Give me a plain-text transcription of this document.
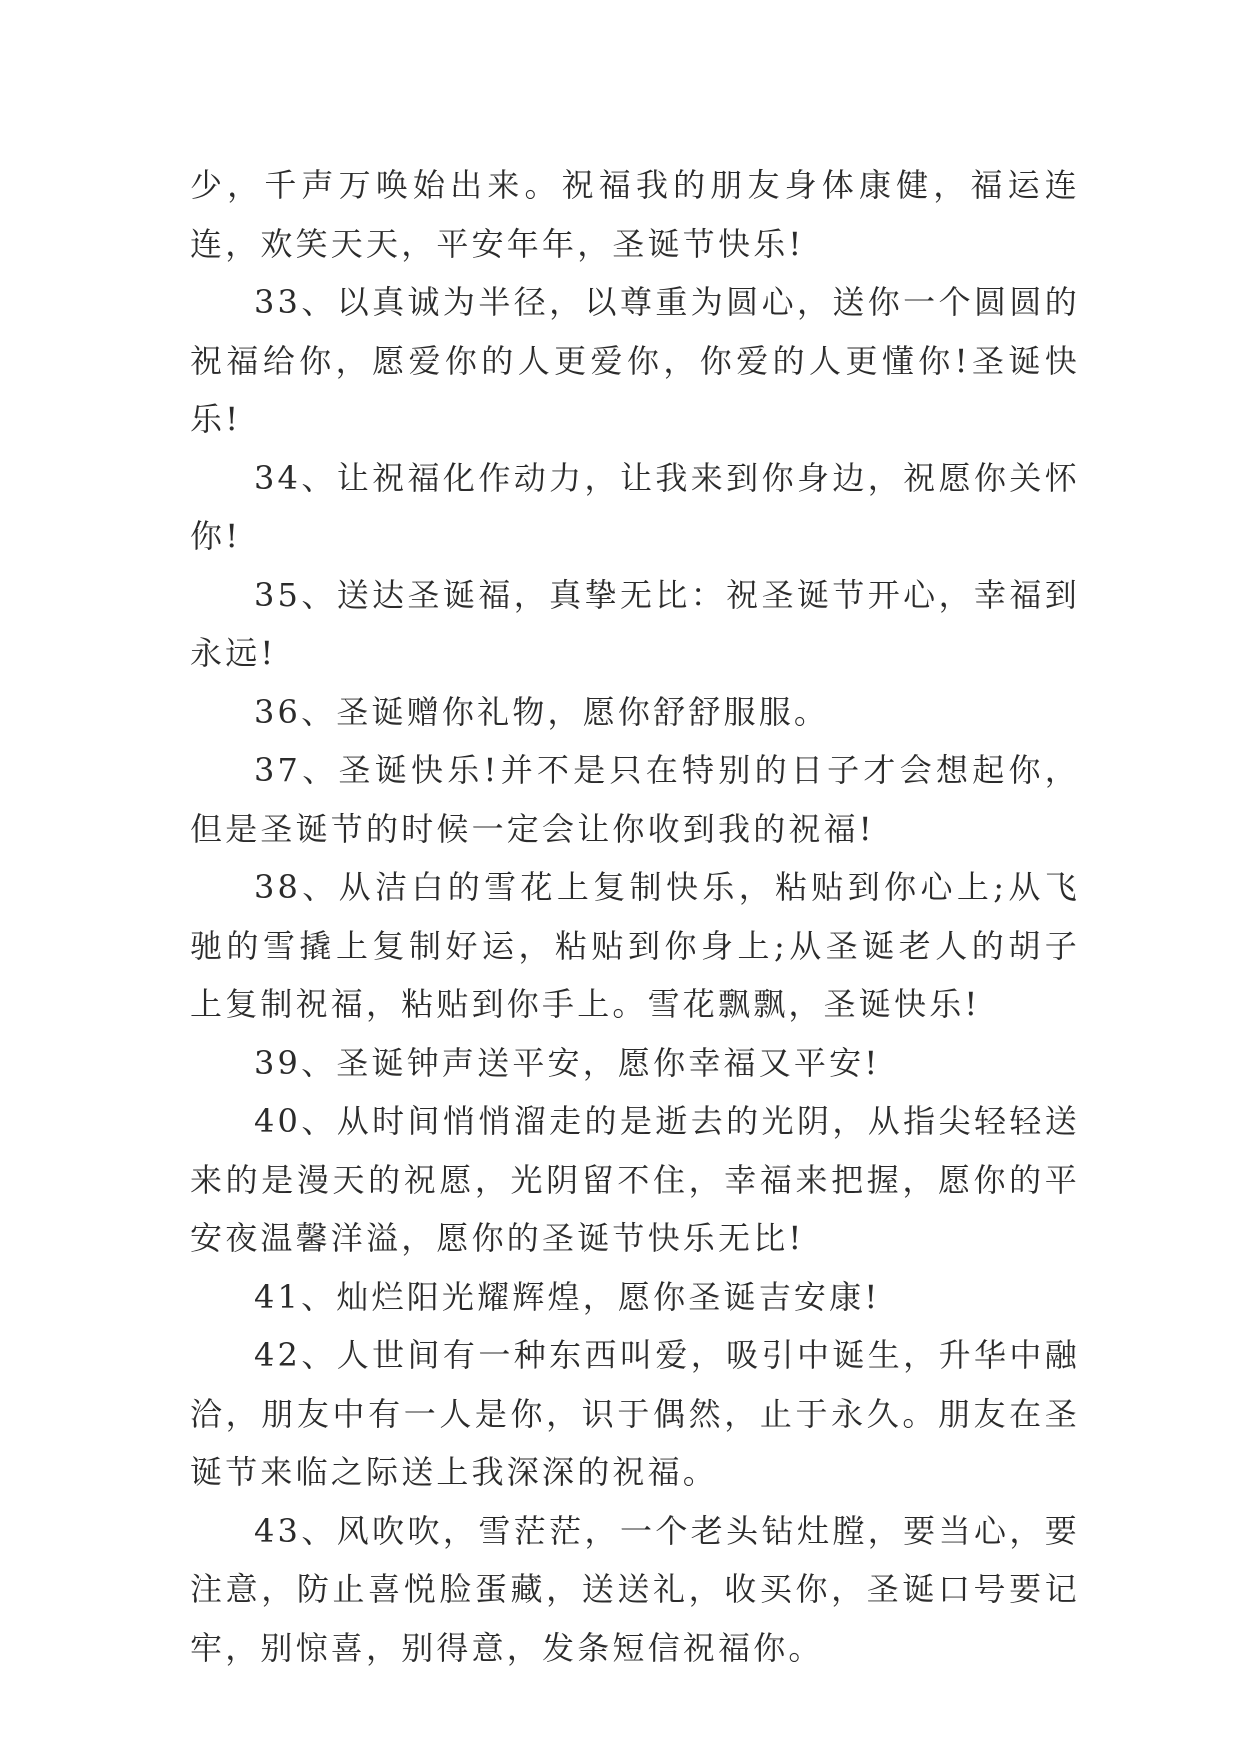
少，千声万唤始出来。祝福我的朋友身体康健，福运连连，欢笑天天，平安年年，圣诞节快乐!

33、以真诚为半径，以尊重为圆心，送你一个圆圆的祝福给你，愿爱你的人更爱你，你爱的人更懂你!圣诞快乐!

34、让祝福化作动力，让我来到你身边，祝愿你关怀你!

35、送达圣诞福，真挚无比：祝圣诞节开心，幸福到永远!

36、圣诞赠你礼物，愿你舒舒服服。

37、圣诞快乐!并不是只在特别的日子才会想起你，但是圣诞节的时候一定会让你收到我的祝福!

38、从洁白的雪花上复制快乐，粘贴到你心上;从飞驰的雪撬上复制好运，粘贴到你身上;从圣诞老人的胡子上复制祝福，粘贴到你手上。雪花飘飘，圣诞快乐!

39、圣诞钟声送平安，愿你幸福又平安!

40、从时间悄悄溜走的是逝去的光阴，从指尖轻轻送来的是漫天的祝愿，光阴留不住，幸福来把握，愿你的平安夜温馨洋溢，愿你的圣诞节快乐无比!

41、灿烂阳光耀辉煌，愿你圣诞吉安康!

42、人世间有一种东西叫爱，吸引中诞生，升华中融洽，朋友中有一人是你，识于偶然，止于永久。朋友在圣诞节来临之际送上我深深的祝福。

43、风吹吹，雪茫茫，一个老头钻灶膛，要当心，要注意，防止喜悦脸蛋藏，送送礼，收买你，圣诞口号要记牢，别惊喜，别得意，发条短信祝福你。
